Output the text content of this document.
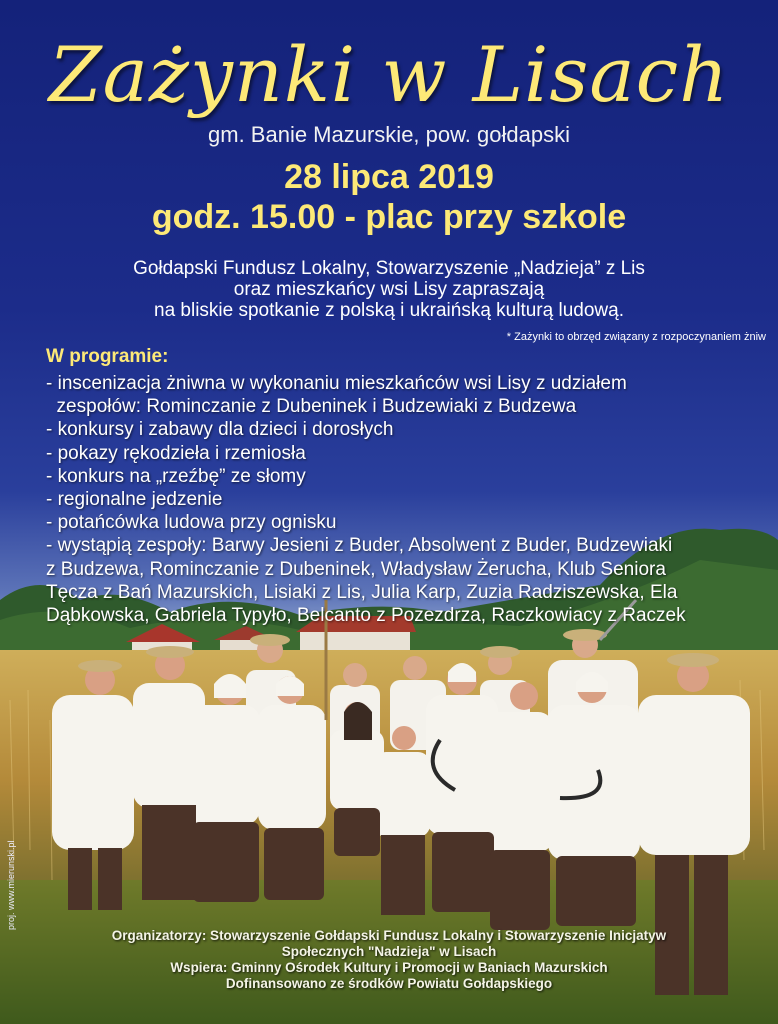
Zażynki w Lisach
gm. Banie Mazurskie, pow. gołdapski
28 lipca 2019
godz. 15.00 - plac przy szkole
Gołdapski Fundusz Lokalny, Stowarzyszenie „Nadzieja” z Lis
oraz mieszkańcy wsi Lisy zapraszają
na bliskie spotkanie z polską i ukraińską kulturą ludową.
* Zażynki to obrzęd związany z rozpoczynaniem żniw
W programie:
- inscenizacja żniwna w wykonaniu mieszkańców wsi Lisy z udziałem
zespołów: Rominczanie z Dubeninek i Budzewiaki z Budzewa
- konkursy i zabawy dla dzieci i dorosłych
- pokazy rękodzieła i rzemiosła
- konkurs na „rzeźbę” ze słomy
- regionalne jedzenie
- potańcówka ludowa przy ognisku
- wystąpią zespoły: Barwy Jesieni z Buder, Absolwent z Buder, Budzewiaki
z Budzewa, Rominczanie z Dubeninek, Władysław Żerucha, Klub Seniora
Tęcza z Bań Mazurskich, Lisiaki z Lis, Julia Karp, Zuzia Radziszewska, Ela
Dąbkowska, Gabriela Typyło, Belcanto z Pozezdrza, Raczkowiacy z Raczek
proj. www.mierunski.pl
Organizatorzy: Stowarzyszenie Gołdapski Fundusz Lokalny i Stowarzyszenie Inicjatyw
Społecznych "Nadzieja" w Lisach
Wspiera: Gminny Ośrodek Kultury i Promocji w Baniach Mazurskich
Dofinansowano ze środków Powiatu Gołdapskiego
